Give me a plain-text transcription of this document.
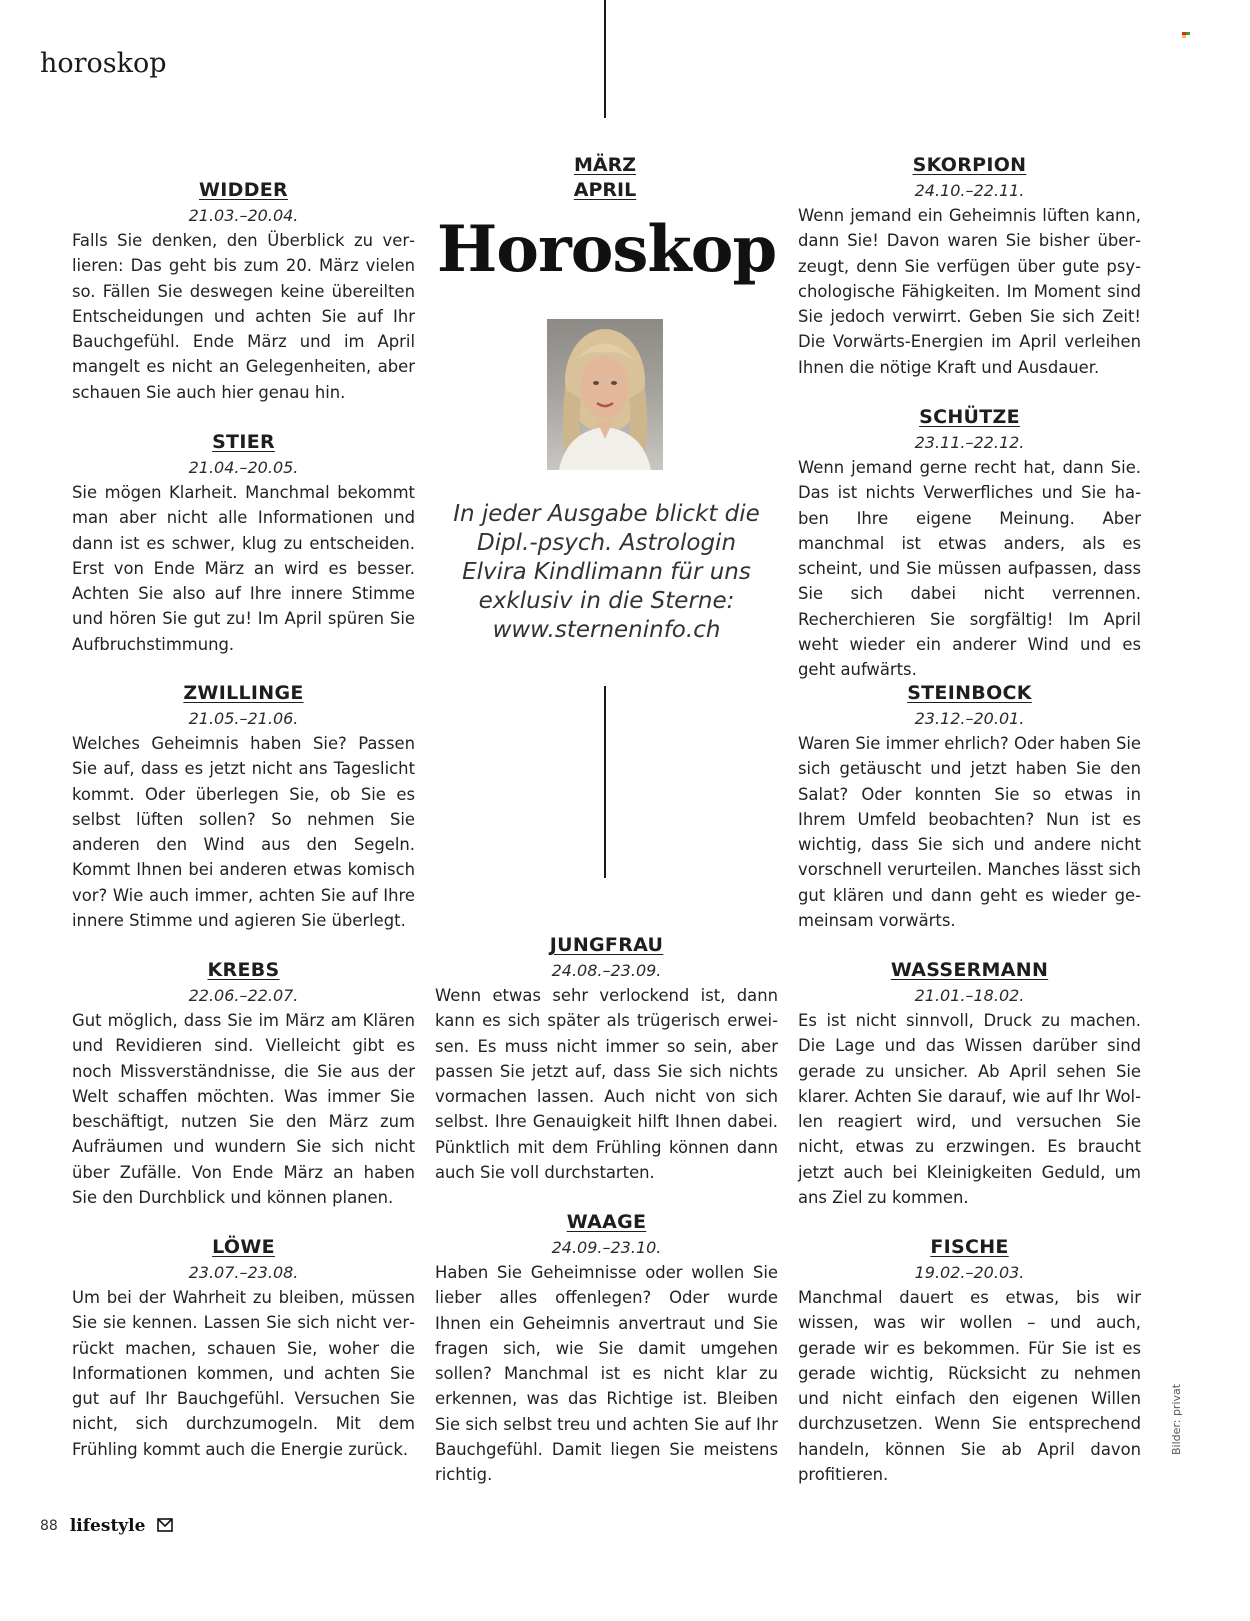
horoskop
WIDDER
21.03.–20.04.
Falls Sie denken, den Überblick zu verlieren: Das geht bis zum 20. März vielen so. Fällen Sie deswegen keine übereilten Entscheidungen und achten Sie auf Ihr Bauchgefühl. Ende März und im April mangelt es nicht an Gelegenheiten, aber schauen Sie auch hier genau hin.
STIER
21.04.–20.05.
Sie mögen Klarheit. Manchmal bekommt man aber nicht alle Informationen und dann ist es schwer, klug zu entscheiden. Erst von Ende März an wird es besser. Achten Sie also auf Ihre innere Stimme und hören Sie gut zu! Im April spüren Sie Aufbruchstimmung.
ZWILLINGE
21.05.–21.06.
Welches Geheimnis haben Sie? Passen Sie auf, dass es jetzt nicht ans Tageslicht kommt. Oder überlegen Sie, ob Sie es selbst lüften sollen? So nehmen Sie anderen den Wind aus den Segeln. Kommt Ihnen bei anderen etwas komisch vor? Wie auch immer, achten Sie auf Ihre innere Stimme und agieren Sie überlegt.
KREBS
22.06.–22.07.
Gut möglich, dass Sie im März am Klären und Revidieren sind. Vielleicht gibt es noch Missverständnisse, die Sie aus der Welt schaffen möchten. Was immer Sie beschäftigt, nutzen Sie den März zum Aufräumen und wundern Sie sich nicht über Zufälle. Von Ende März an haben Sie den Durchblick und können planen.
LÖWE
23.07.–23.08.
Um bei der Wahrheit zu bleiben, müssen Sie sie kennen. Lassen Sie sich nicht verrückt machen, schauen Sie, woher die Informationen kommen, und achten Sie gut auf Ihr Bauchgefühl. Versuchen Sie nicht, sich durchzumogeln. Mit dem Frühling kommt auch die Energie zurück.
MÄRZ
APRIL
Horoskop
In jeder Ausgabe blickt die
Dipl.-psych. Astrologin
Elvira Kindlimann für uns
exklusiv in die Sterne:
www.sterneninfo.ch
JUNGFRAU
24.08.–23.09.
Wenn etwas sehr verlockend ist, dann kann es sich später als trügerisch erweisen. Es muss nicht immer so sein, aber passen Sie jetzt auf, dass Sie sich nichts vormachen lassen. Auch nicht von sich selbst. Ihre Genauigkeit hilft Ihnen dabei. Pünktlich mit dem Frühling können dann auch Sie voll durchstarten.
WAAGE
24.09.–23.10.
Haben Sie Geheimnisse oder wollen Sie lieber alles offenlegen? Oder wurde Ihnen ein Geheimnis anvertraut und Sie fragen sich, wie Sie damit umgehen sollen? Manchmal ist es nicht klar zu erkennen, was das Richtige ist. Bleiben Sie sich selbst treu und achten Sie auf Ihr Bauchgefühl. Damit liegen Sie meistens richtig.
SKORPION
24.10.–22.11.
Wenn jemand ein Geheimnis lüften kann, dann Sie! Davon waren Sie bisher überzeugt, denn Sie verfügen über gute psychologische Fähigkeiten. Im Moment sind Sie jedoch verwirrt. Geben Sie sich Zeit! Die Vorwärts-Energien im April verleihen Ihnen die nötige Kraft und Ausdauer.
SCHÜTZE
23.11.–22.12.
Wenn jemand gerne recht hat, dann Sie. Das ist nichts Verwerfliches und Sie haben Ihre eigene Meinung. Aber manchmal ist etwas anders, als es scheint, und Sie müssen aufpassen, dass Sie sich dabei nicht verrennen. Recherchieren Sie sorgfältig! Im April weht wieder ein anderer Wind und es geht aufwärts.
STEINBOCK
23.12.–20.01.
Waren Sie immer ehrlich? Oder haben Sie sich getäuscht und jetzt haben Sie den Salat? Oder konnten Sie so etwas in Ihrem Umfeld beobachten? Nun ist es wichtig, dass Sie sich und andere nicht vorschnell verurteilen. Manches lässt sich gut klären und dann geht es wieder gemeinsam vorwärts.
WASSERMANN
21.01.–18.02.
Es ist nicht sinnvoll, Druck zu machen. Die Lage und das Wissen darüber sind gerade zu unsicher. Ab April sehen Sie klarer. Achten Sie darauf, wie auf Ihr Wollen reagiert wird, und versuchen Sie nicht, etwas zu erzwingen. Es braucht jetzt auch bei Kleinigkeiten Geduld, um ans Ziel zu kommen.
FISCHE
19.02.–20.03.
Manchmal dauert es etwas, bis wir wissen, was wir wollen – und auch, gerade wir es bekommen. Für Sie ist es gerade wichtig, Rücksicht zu nehmen und nicht einfach den eigenen Willen durchzusetzen. Wenn Sie entsprechend handeln, können Sie ab April davon profitieren.
Bilder: privat
88 lifestyle
